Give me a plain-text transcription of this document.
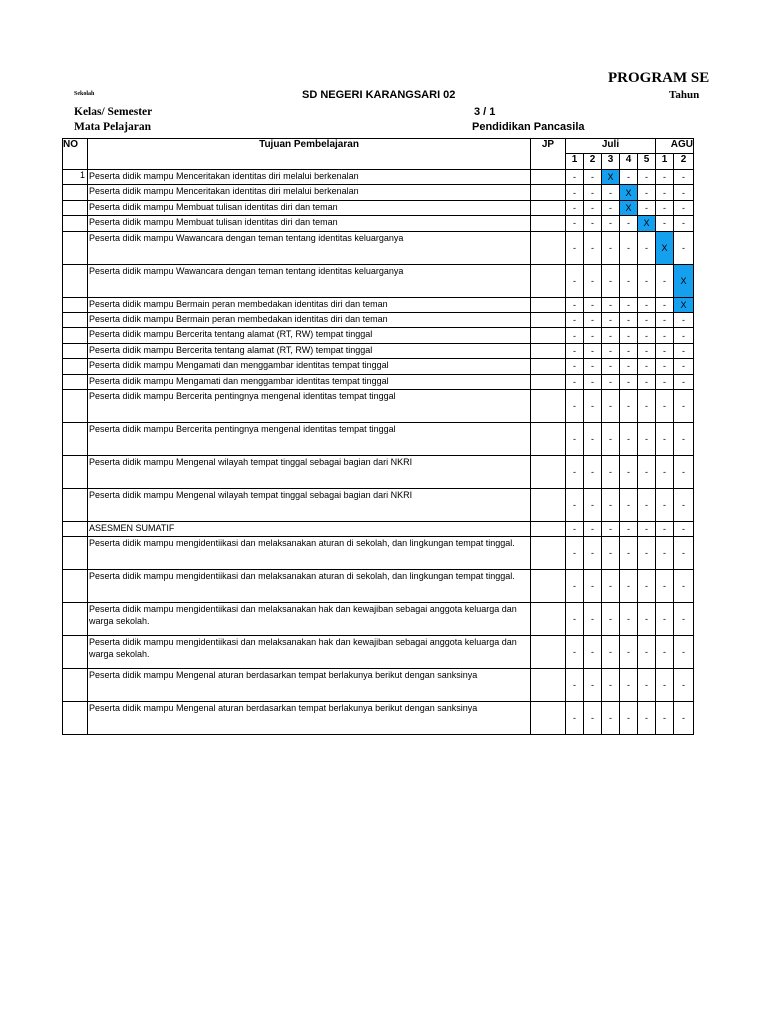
PROGRAM SE
Tahun
Sekolah	SD NEGERI KARANGSARI 02
Kelas/ Semester	3 / 1
Mata Pelajaran	Pendidikan Pancasila
NO	Tujuan Pembelajaran	JP	Juli					AGU	
			1	2	3	4	5	1	2
1	Peserta didik mampu Menceritakan identitas diri melalui berkenalan		-	-	X	-	-	-	-
	Peserta didik mampu Menceritakan identitas diri melalui berkenalan		-	-	-	X	-	-	-
	Peserta didik mampu Membuat tulisan identitas diri dan teman		-	-	-	X	-	-	-
	Peserta didik mampu Membuat tulisan identitas diri dan teman		-	-	-	-	X	-	-
	Peserta didik mampu Wawancara dengan teman tentang identitas keluarganya		-	-	-	-	-	X	-
	Peserta didik mampu Wawancara dengan teman tentang identitas keluarganya		-	-	-	-	-	-	X
	Peserta didik mampu Bermain peran membedakan identitas diri dan teman		-	-	-	-	-	-	X
	Peserta didik mampu Bermain peran membedakan identitas diri dan teman		-	-	-	-	-	-	-
	Peserta didik mampu Bercerita tentang alamat (RT, RW) tempat tinggal		-	-	-	-	-	-	-
	Peserta didik mampu Bercerita tentang alamat (RT, RW) tempat tinggal		-	-	-	-	-	-	-
	Peserta didik mampu Mengamati dan menggambar identitas tempat tinggal		-	-	-	-	-	-	-
	Peserta didik mampu Mengamati dan menggambar identitas tempat tinggal		-	-	-	-	-	-	-
	Peserta didik mampu Bercerita pentingnya mengenal identitas tempat tinggal		-	-	-	-	-	-	-
	Peserta didik mampu Bercerita pentingnya mengenal identitas tempat tinggal		-	-	-	-	-	-	-
	Peserta didik mampu Mengenal wilayah tempat tinggal sebagai bagian dari NKRI		-	-	-	-	-	-	-
	Peserta didik mampu Mengenal wilayah tempat tinggal sebagai bagian dari NKRI		-	-	-	-	-	-	-
	ASESMEN SUMATIF		-	-	-	-	-	-	-
	Peserta didik mampu mengidentiikasi dan melaksanakan aturan di sekolah, dan lingkungan tempat tinggal.		-	-	-	-	-	-	-
	Peserta didik mampu mengidentiikasi dan melaksanakan aturan di sekolah, dan lingkungan tempat tinggal.		-	-	-	-	-	-	-
	Peserta didik mampu mengidentiikasi dan melaksanakan hak dan kewajiban sebagai anggota keluarga dan warga sekolah.		-	-	-	-	-	-	-
	Peserta didik mampu mengidentiikasi dan melaksanakan hak dan kewajiban sebagai anggota keluarga dan warga sekolah.		-	-	-	-	-	-	-
	Peserta didik mampu Mengenal aturan berdasarkan tempat berlakunya berikut dengan sanksinya		-	-	-	-	-	-	-
	Peserta didik mampu Mengenal aturan berdasarkan tempat berlakunya berikut dengan sanksinya		-	-	-	-	-	-	-
